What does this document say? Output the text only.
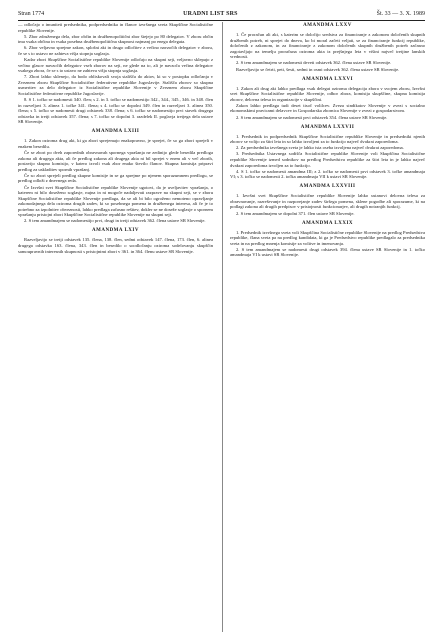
Stran 1774	URADNI LIST SRS	Št. 33 — 3. X. 1989

— odločajo o imuniteti predsednika, podpredsednika in članov izvršnega sveta Skupščine Socialistične republike Slovenije.

5. Zbor združenega dela, zbor občin in družbenopolitični zbor štejejo po 80 delegatov. V zboru občin ima vsaka občina in vsaka posebna družbenopolitična skupnost najmanj po enega delegata.

6. Zbor veljavno sprejme zakon, splošni akt in drugo odločitev z večino navzočih delegatov v zboru, če se s to ustavo ne zahteva višja stopnja soglasja.

Kadar zbori Skupščine Socialistične republike Slovenije odločajo na skupni seji, veljavno sklepajo z večino glasov navzočih delegatov vseh zborov na seji, ne glede na to, ali je navzoča večina delegatov vsakega zbora, če se s to ustavo ne zahteva višja stopnja soglasja.

7. Zbori lahko sklenejo, da bodo obliskovali svoja stališča do aktov, ki so v postopku odločanja v Zveznem zboru Skupščine Socialistične federativne republike Jugoslavije. Stališča zborov so skupna usmeritev za delo delegatov iz Socialistične republike Slovenije v Zveznem zboru Skupščine Socialistične federativne republike Jugoslavije.

8. S 1. točko se nadomesti 340. člen; s 2. in 3. točko se nadomestijo 342., 344., 345., 346. in 348. člen in razveljavi 3. alinea 1. točke 341. člena; s 4. točko se dopolni 349. člen in razveljavi 3. alinea 350. člena; s 5. točko se nadomesti drugi odstavek 338. člena; s 6. točko se nadomestijo prvi stavek drugega odstavka in tretji odstavek 357. člena; s 7. točko se dopolni 3. razdelek II. poglavja tretjega dela ustave SR Slovenije.

AMANDMA LXIII

1. Zakon oziroma drug akt, ki ga zbori sprejemajo enakopravno, je sprejet, če so ga zbori sprejeli v enakem besedilu.

Če se zbori po dveh zaporednih obravnavah spornega vprašanja ne zedinijo glede besedila predloga zakona ali drugega akta, ali če predlog zakona ali drugega akta ni bil sprejet v enem ali v več zborih, postavijo skupno komisijo, v katero izvoli vsak zbor enako število članov. Skupna komisija pripravi predlog za uskladitev spornih vprašanj.

Če so zbori sprejeli predlog skupne komisije in se ga sprejme po njenem sporazumnem predlogu, se predlog odloži z dnevnega reda.

Če Izvršni svet Skupščine Socialistične republike Slovenije ugotovi, da je uveljavitev vprašanja, o katerem ni bilo doseženo soglasje, nujna in ni mogoče nadaljevati razprave na skupni seji, se v zboru Skupščine Socialistične republike Slovenije predlaga, da se ali bi bilo ogroženo nemoteno opravljanje zakonodajnega dela oziroma drugih zadev, ki so posebnega pomena in družbenega interesa, ali če je to potrebno za izpolnitev obveznosti, lahko predlaga začasno rešitev, dokler se ne doseže soglasje o spornem vprašanju pristojni zbori Skupščine Socialistične republike Slovenije na skupni seji.

2. S tem amandmajem se nadomestijo prvi, drugi in tretji odstavek 362. člena ustave SR Slovenije.

AMANDMA LXIV

Razveljavijo se tretji odstavek 135. člena, 138. člen, sedmi odstavek 147. člena, 173. člen, 6. alinea drugega odstavka 163. člena, 343. člen in besedilo o soodločanju oziroma sodelovanju skupščin samoupravnih interesnih skupnosti s pristojnimi zbori v 361. in 364. členu ustave SR Slovenije.

AMANDMA LXXV

1. Če proračun ali akt, s katerim se določijo sredstva za financiranje z zakonom določenih skupnih družbenih potreb, ni sprejet do dneva, ko bi moral začeti veljati, se za financiranje funkcij republike, določenih z zakonom, in za financiranje z zakonom določenih skupnih družbenih potreb začasno zagotavljajo na temelju proračuna oziroma akta iz prejšnjega leta v višini največ tretjine lanskih vrednosti.

2. S tem amandmajem se nadomesti deveti odstavek 362. člena ustave SR Slovenije.

Razveljavijo se četrti, peti, šesti, sedmi in osmi odstavek 362. člena ustave SR Slovenije.

AMANDMA LXXVI

1. Zakon ali drug akt lahko predlaga vsak delegat oziroma delegacija zbora v svojem zboru, Izvršni svet Skupščine Socialistične republike Slovenije, odbor zbora, komisija skupščine, skupna komisija zborov, delovna telesa in organizacije v skupščini.

Zakon lahko predlaga tudi deset tisoč volilcev. Zveza sindikatov Slovenije v zvezi s socialno ekonomskimi pravicami delavcev in Gospodarska zbornica Slovenije v zvezi z gospodarstvom.

2. S tem amandmajem se nadomesti prvi odstavek 354. člena ustave SR Slovenije.

AMANDMA LXXVII

1. Predsednik in podpredsednik Skupščine Socialistične republike Slovenije in predsedniki njenih zborov se volijo za štiri leta in so lahko izvoljeni za to funkcijo največ dvakrat zaporedoma.

2. Za predsednika izvršnega sveta je lahko ista oseba izvoljena največ dvakrat zaporedoma.

3. Predsednika Ustavnega sodišča Socialistične republike Slovenije voli Skupščina Socialistične republike Slovenije izmed sodnikov na predlog Predsedstva republike za štiri leta in je lahko največ dvakrat zaporedoma izvoljen za to funkcijo.

4. S 1. točko se nadomesti amandma III; z 2. točko se nadomesti prvi odstavek 3. točke amandmaja VI; s 3. točko se nadomesti 2. točka amandmaja VII k ustavi SR Slovenije.

AMANDMA LXXVIII

1. Izvršni svet Skupščine Socialistične republike Slovenije lahko ustanovi delovna telesa za obravnavanje, razreševanje in razporejanje zadev širšega pomena, sklene pogodbe ali sporazume, ki na podlagi zakona ali drugih predpisov v pristojnosti funkcionarjev, ali drugih notranjih funkcij.

2. S tem amandmajem se dopolni 371. člen ustave SR Slovenije.

AMANDMA LXXIX

1. Predsednik izvršnega sveta voli Skupščina Socialistične republike Slovenije na predlog Predsedstva republike, člana sveta pa na predlog kandidata, ki ga je Predsedstvo republike predlagalo za predsednika sveta in na predlog mnenja komisije za volitve in imenovanja.

2. S tem amandmajem se nadomesti drugi odstavek 394. člena ustave SR Slovenije in 1. točko amandmaja VI k ustavi SR Slovenije.
